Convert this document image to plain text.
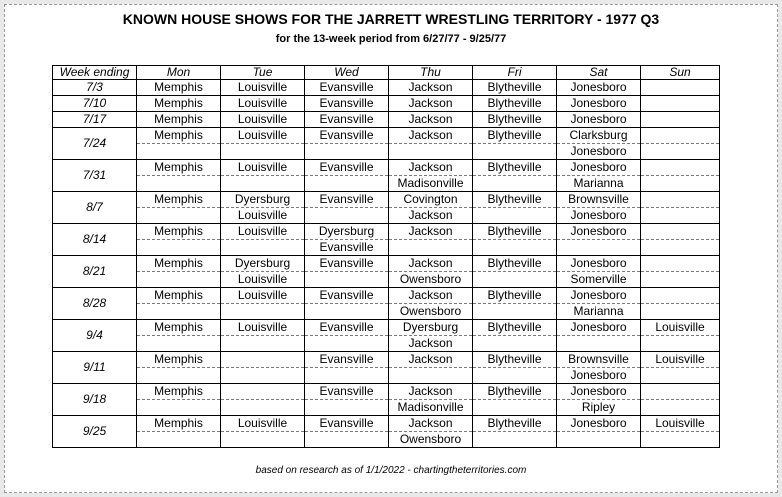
KNOWN HOUSE SHOWS FOR THE JARRETT WRESTLING TERRITORY - 1977 Q3
for the 13-week period from 6/27/77 - 9/25/77
Week ending	Mon	Tue	Wed	Thu	Fri	Sat	Sun
7/3	Memphis	Louisville	Evansville	Jackson	Blytheville	Jonesboro	
7/10	Memphis	Louisville	Evansville	Jackson	Blytheville	Jonesboro	
7/17	Memphis	Louisville	Evansville	Jackson	Blytheville	Jonesboro	
7/24	Memphis	Louisville	Evansville	Jackson	Blytheville	Clarksburg	
						Jonesboro	
7/31	Memphis	Louisville	Evansville	Jackson	Blytheville	Jonesboro	
				Madisonville		Marianna	
8/7	Memphis	Dyersburg	Evansville	Covington	Blytheville	Brownsville	
		Louisville		Jackson		Jonesboro	
8/14	Memphis	Louisville	Dyersburg	Jackson	Blytheville	Jonesboro	
			Evansville				
8/21	Memphis	Dyersburg	Evansville	Jackson	Blytheville	Jonesboro	
		Louisville		Owensboro		Somerville	
8/28	Memphis	Louisville	Evansville	Jackson	Blytheville	Jonesboro	
				Owensboro		Marianna	
9/4	Memphis	Louisville	Evansville	Dyersburg	Blytheville	Jonesboro	Louisville
				Jackson			
9/11	Memphis		Evansville	Jackson	Blytheville	Brownsville	Louisville
						Jonesboro	
9/18	Memphis		Evansville	Jackson	Blytheville	Jonesboro	
				Madisonville		Ripley	
9/25	Memphis	Louisville	Evansville	Jackson	Blytheville	Jonesboro	Louisville
				Owensboro			
based on research as of 1/1/2022 - chartingtheterritories.com
